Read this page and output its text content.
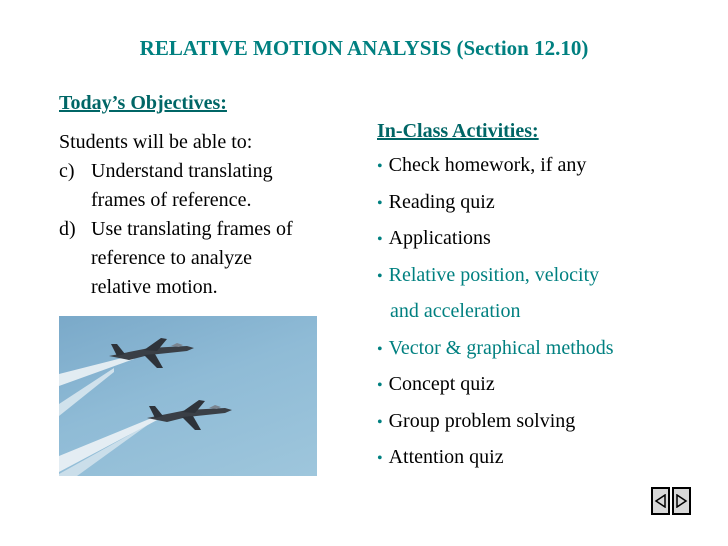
RELATIVE MOTION ANALYSIS (Section 12.10)
Today’s Objectives:
Students will be able to:
c) Understand translating
frames of reference.
d) Use translating frames of
reference to analyze
relative motion.
In-Class Activities:
• Check homework, if any
• Reading quiz
• Applications
• Relative position, velocity
and acceleration
• Vector & graphical methods
• Concept quiz
• Group problem solving
• Attention quiz
